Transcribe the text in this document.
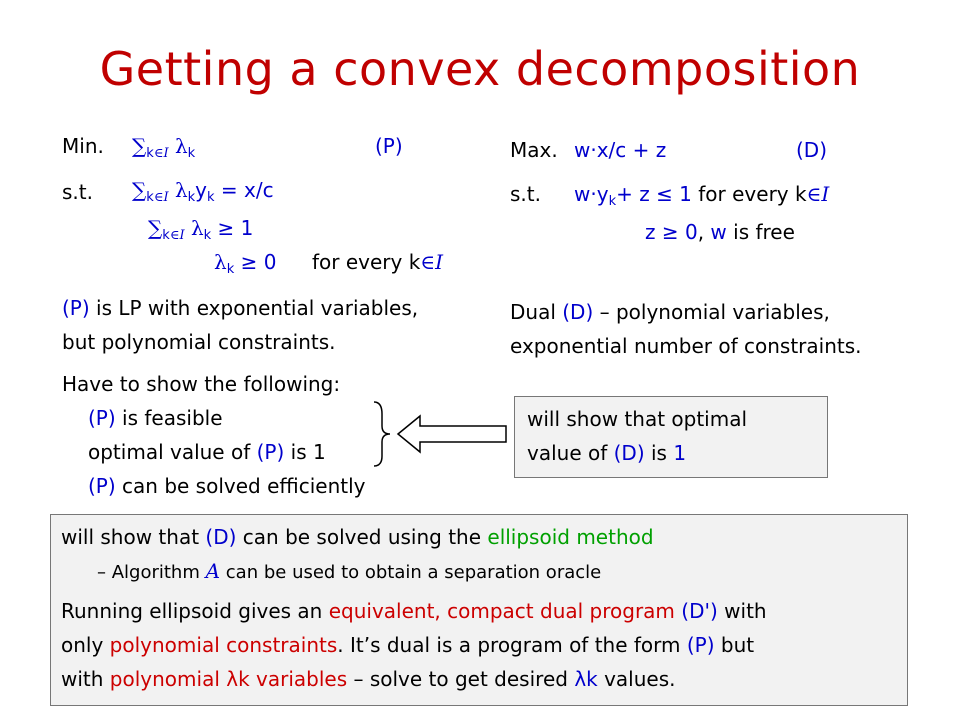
Getting a convex decomposition
Min. $\sum_{k\in I}$ $\lambda_k$	(P)
s.t. $\sum_{k\in I}$ $\lambda_ky_k = x/c$
$\sum_{k\in I}$ $\lambda_k \ge 1$
$\lambda_k \ge 0$ for every k∈I
Max. w·x/c + z	(D)
s.t. $w\cdot y_k+ z \le 1$ for every k∈I
z ≥ 0, w is free
(P) is LP with exponential variables,
but polynomial constraints.
Dual (D) – polynomial variables,
exponential number of constraints.
Have to show the following:
(P) is feasible
optimal value of (P) is 1
(P) can be solved efficiently
will show that optimal
value of (D) is 1
will show that (D) can be solved using the ellipsoid method
– Algorithm A can be used to obtain a separation oracle
Running ellipsoid gives an equivalent, compact dual program (D') with
only polynomial constraints. It’s dual is a program of the form (P) but
with polynomial λk variables – solve to get desired λk values.
